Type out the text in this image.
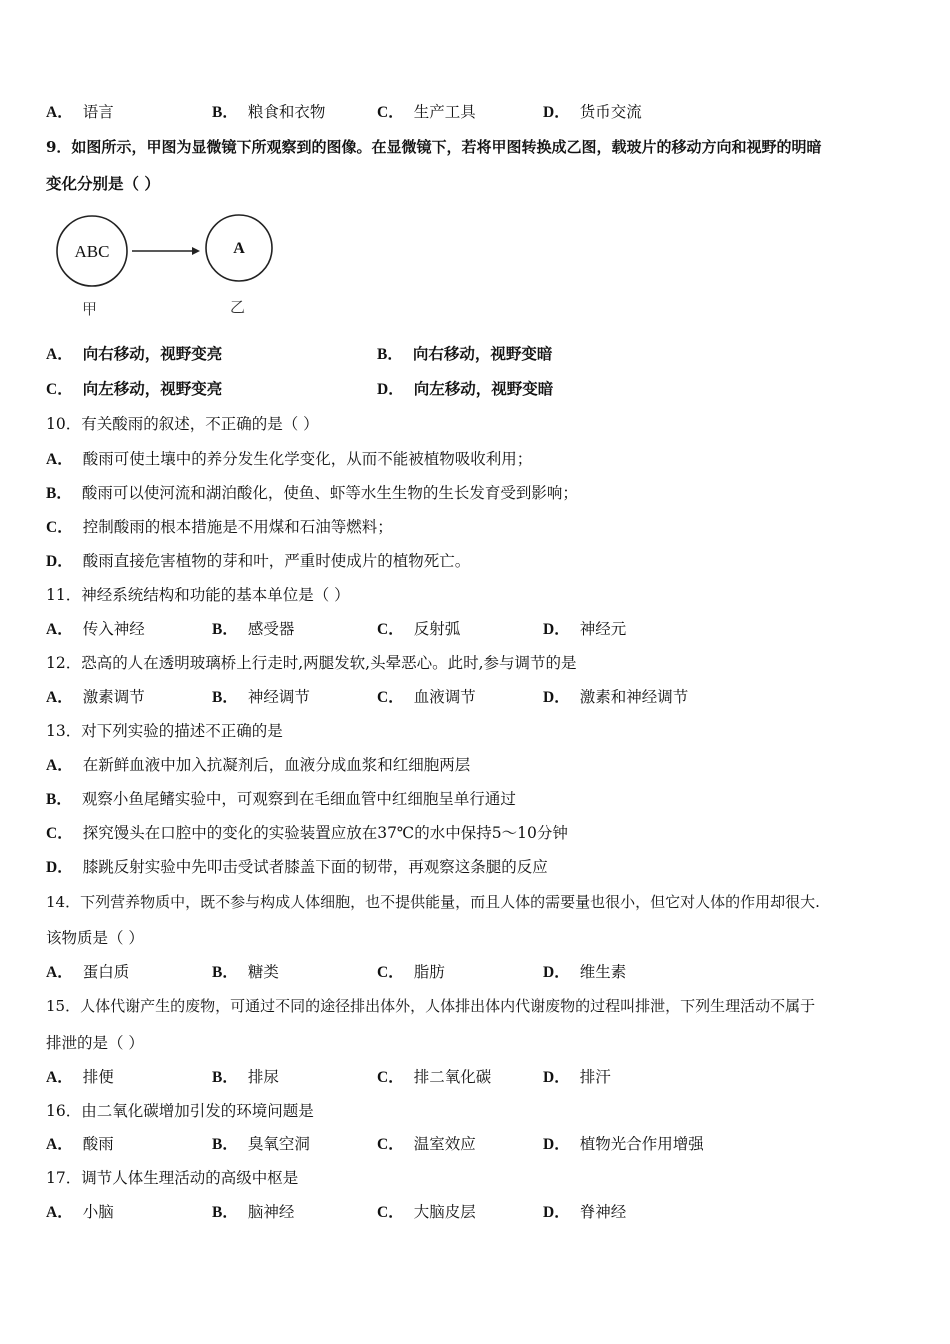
A． 语言	B． 粮食和衣物	C． 生产工具	D． 货币交流
9．如图所示，甲图为显微镜下所观察到的图像。在显微镜下，若将甲图转换成乙图，载玻片的移动方向和视野的明暗
变化分别是（ ）
ABC	A
甲	乙
A． 向右移动，视野变亮	B． 向右移动，视野变暗
C． 向左移动，视野变亮	D． 向左移动，视野变暗
10．有关酸雨的叙述，不正确的是（ ）
A． 酸雨可使土壤中的养分发生化学变化，从而不能被植物吸收利用；
B． 酸雨可以使河流和湖泊酸化，使鱼、虾等水生生物的生长发育受到影响；
C． 控制酸雨的根本措施是不用煤和石油等燃料；
D． 酸雨直接危害植物的芽和叶，严重时使成片的植物死亡。
11．神经系统结构和功能的基本单位是（ ）
A． 传入神经	B． 感受器	C． 反射弧	D． 神经元
12．恐高的人在透明玻璃桥上行走时,两腿发软,头晕恶心。此时,参与调节的是
A． 激素调节	B． 神经调节	C． 血液调节	D． 激素和神经调节
13．对下列实验的描述不正确的是
A． 在新鲜血液中加入抗凝剂后，血液分成血浆和红细胞两层
B． 观察小鱼尾鳍实验中，可观察到在毛细血管中红细胞呈单行通过
C． 探究馒头在口腔中的变化的实验装置应放在37℃的水中保持5～10分钟
D． 膝跳反射实验中先叩击受试者膝盖下面的韧带，再观察这条腿的反应
14．下列营养物质中，既不参与构成人体细胞，也不提供能量，而且人体的需要量也很小，但它对人体的作用却很大.
该物质是（ ）
A． 蛋白质	B． 糖类	C． 脂肪	D． 维生素
15．人体代谢产生的废物，可通过不同的途径排出体外，人体排出体内代谢废物的过程叫排泄，下列生理活动不属于
排泄的是（ ）
A． 排便	B． 排尿	C． 排二氧化碳	D． 排汗
16．由二氧化碳增加引发的环境问题是
A． 酸雨	B． 臭氧空洞	C． 温室效应	D． 植物光合作用增强
17．调节人体生理活动的高级中枢是
A． 小脑	B． 脑神经	C． 大脑皮层	D． 脊神经
